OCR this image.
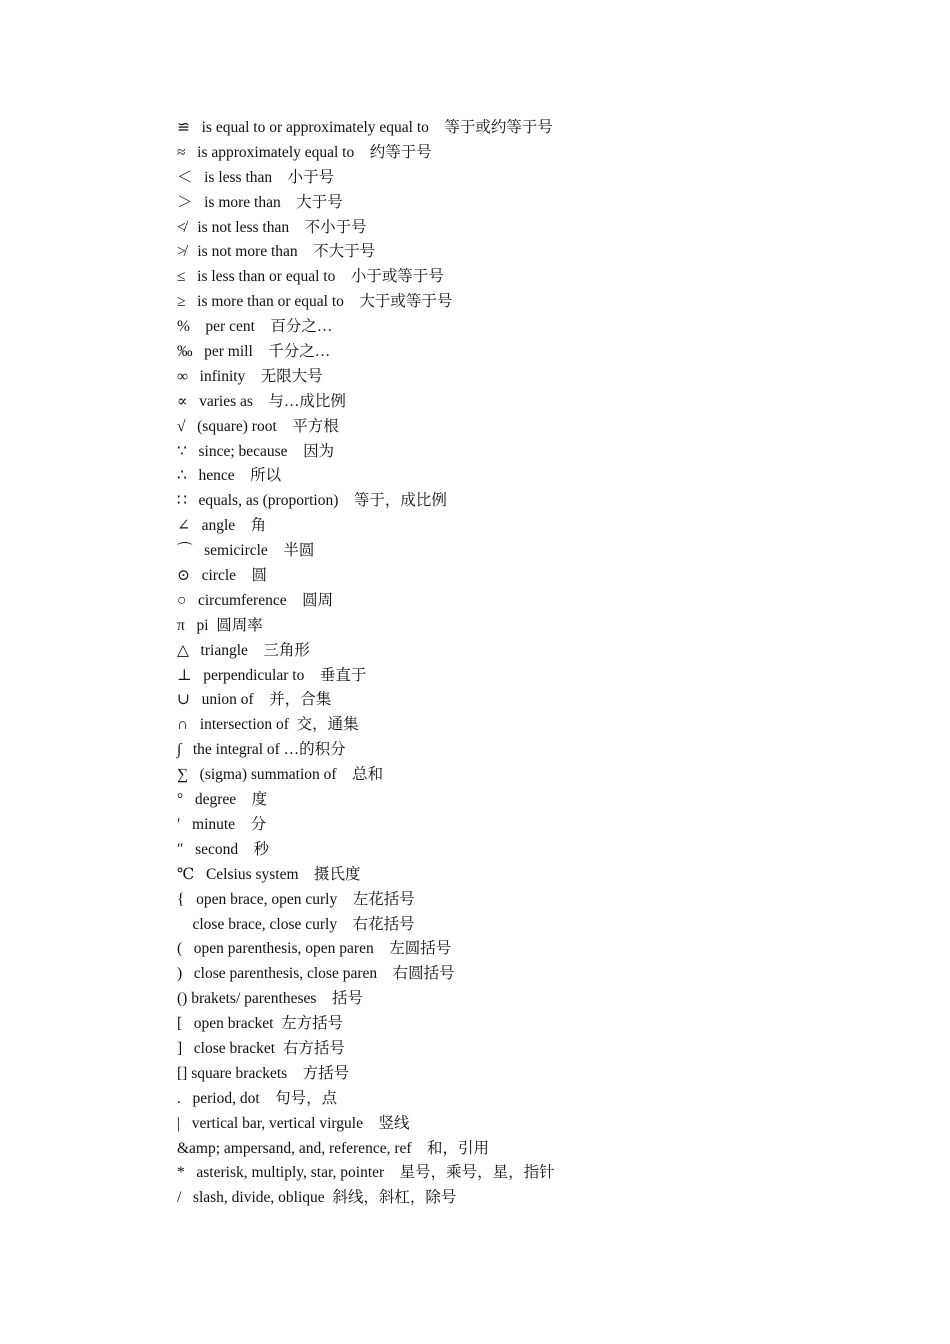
≌   is equal to or approximately equal to    等于或约等于号
≈   is approximately equal to    约等于号
＜   is less than    小于号
＞   is more than    大于号
≮   is not less than    不小于号
≯   is not more than    不大于号
≤   is less than or equal to    小于或等于号
≥   is more than or equal to    大于或等于号
%    per cent    百分之…
‰   per mill    千分之…
∞   infinity    无限大号
∝   varies as    与…成比例
√   (square) root    平方根
∵   since; because    因为
∴   hence    所以
∷   equals, as (proportion)    等于，成比例
∠   angle    角
⌒   semicircle    半圆
⊙   circle    圆
○   circumference    圆周
π   pi  圆周率
△   triangle    三角形
⊥   perpendicular to    垂直于
∪   union of    并，合集
∩   intersection of  交，通集
∫   the integral of …的积分
∑   (sigma) summation of    总和
°   degree    度
′   minute    分
″   second    秒
℃   Celsius system    摄氏度
{   open brace, open curly    左花括号
close brace, close curly    右花括号
(   open parenthesis, open paren    左圆括号
)   close parenthesis, close paren    右圆括号
() brakets/ parentheses    括号
[   open bracket  左方括号
]   close bracket  右方括号
[] square brackets    方括号
.   period, dot    句号，点
|   vertical bar, vertical virgule    竖线
&amp; ampersand, and, reference, ref    和，引用
*   asterisk, multiply, star, pointer    星号，乘号，星，指针
/   slash, divide, oblique  斜线，斜杠，除号
